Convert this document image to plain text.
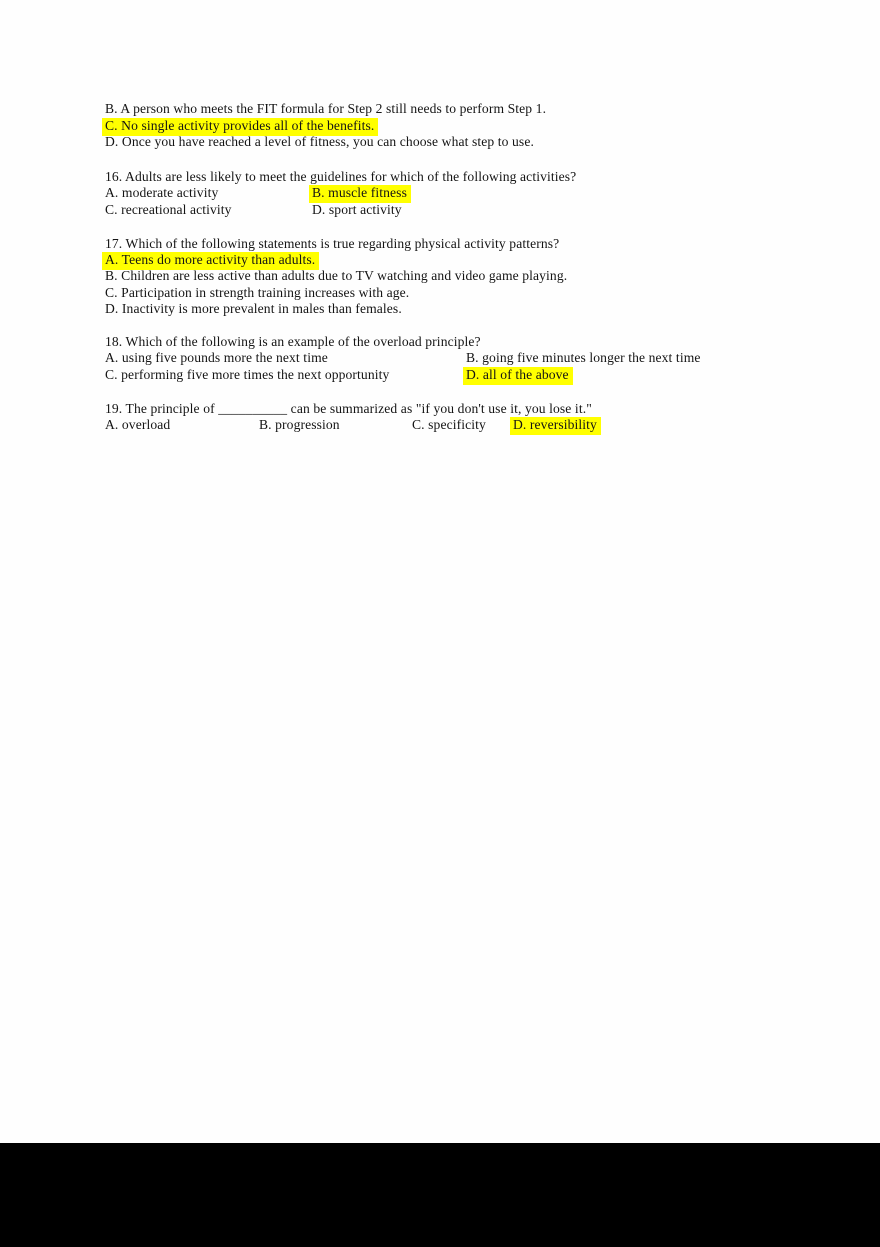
B. A person who meets the FIT formula for Step 2 still needs to perform Step 1.
C. No single activity provides all of the benefits.
D. Once you have reached a level of fitness, you can choose what step to use.
16. Adults are less likely to meet the guidelines for which of the following activities?
A. moderate activity	B. muscle fitness
C. recreational activity	D. sport activity
17. Which of the following statements is true regarding physical activity patterns?
A. Teens do more activity than adults.
B. Children are less active than adults due to TV watching and video game playing.
C. Participation in strength training increases with age.
D. Inactivity is more prevalent in males than females.
18. Which of the following is an example of the overload principle?
A. using five pounds more the next time	B. going five minutes longer the next time
C. performing five more times the next opportunity	D. all of the above
19. The principle of __________ can be summarized as "if you don't use it, you lose it."
A. overload	B. progression	C. specificity D. reversibility
